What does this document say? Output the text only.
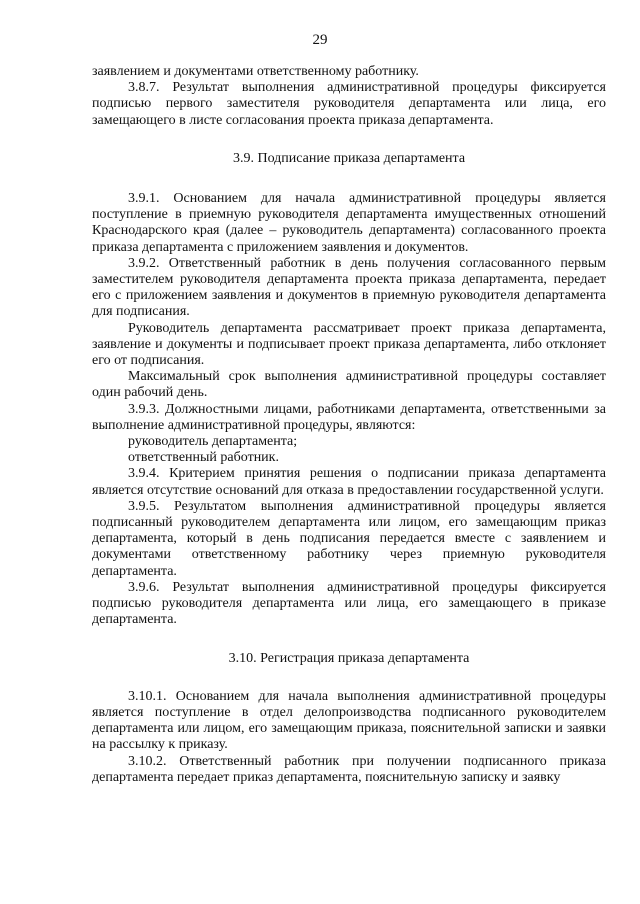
29

заявлением и документами ответственному работнику.

3.8.7. Результат выполнения административной процедуры фиксируется подписью первого заместителя руководителя департамента или лица, его замещающего в листе согласования проекта приказа департамента.

3.9. Подписание приказа департамента

3.9.1. Основанием для начала административной процедуры является поступление в приемную руководителя департамента имущественных отношений Краснодарского края (далее – руководитель департамента) согласованного проекта приказа департамента с приложением заявления и документов.

3.9.2. Ответственный работник в день получения согласованного первым заместителем руководителя департамента проекта приказа департамента, передает его с приложением заявления и документов в приемную руководителя департамента для подписания.

Руководитель департамента рассматривает проект приказа департамента, заявление и документы и подписывает проект приказа департамента, либо отклоняет его от подписания.

Максимальный срок выполнения административной процедуры составляет один рабочий день.

3.9.3. Должностными лицами, работниками департамента, ответственными за выполнение административной процедуры, являются:

руководитель департамента;

ответственный работник.

3.9.4. Критерием принятия решения о подписании приказа департамента является отсутствие оснований для отказа в предоставлении государственной услуги.

3.9.5. Результатом выполнения административной процедуры является подписанный руководителем департамента или лицом, его замещающим приказ департамента, который в день подписания передается вместе с заявлением и документами ответственному работнику через приемную руководителя департамента.

3.9.6. Результат выполнения административной процедуры фиксируется подписью руководителя департамента или лица, его замещающего в приказе департамента.

3.10. Регистрация приказа департамента

3.10.1. Основанием для начала выполнения административной процедуры является поступление в отдел делопроизводства подписанного руководителем департамента или лицом, его замещающим приказа, пояснительной записки и заявки на рассылку к приказу.

3.10.2. Ответственный работник при получении подписанного приказа департамента передает приказ департамента, пояснительную записку и заявку
